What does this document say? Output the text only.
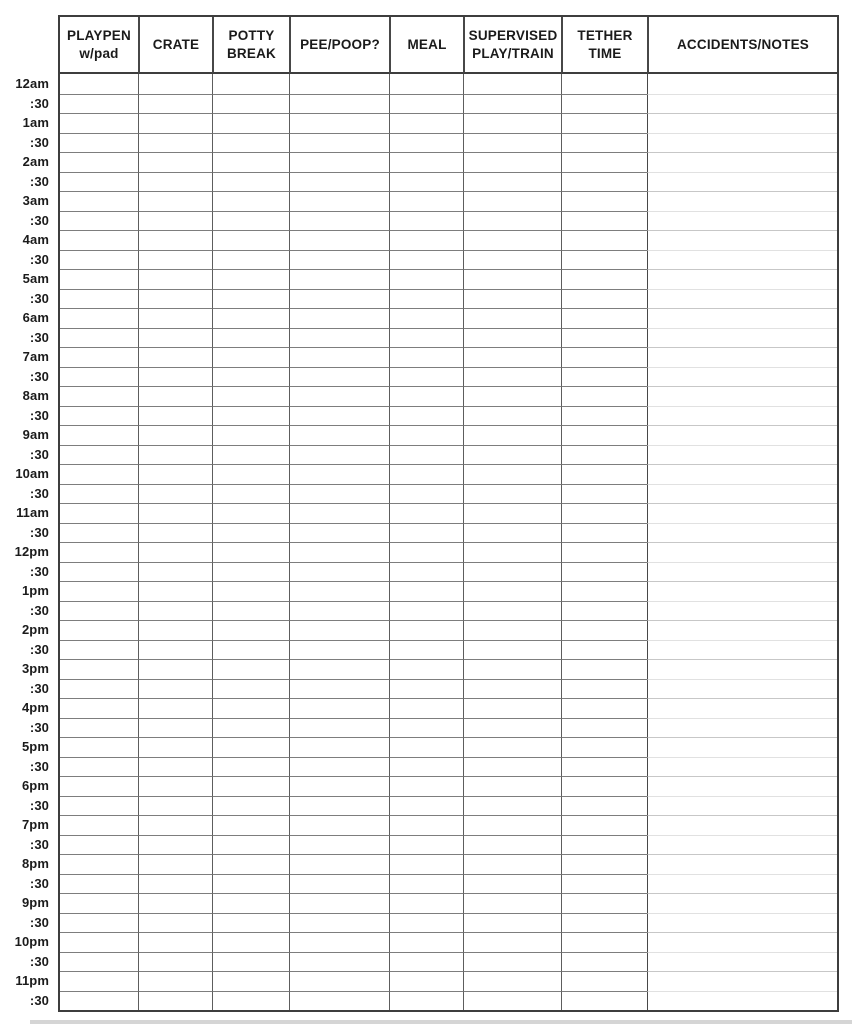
12am
:30
1am
:30
2am
:30
3am
:30
4am
:30
5am
:30
6am
:30
7am
:30
8am
:30
9am
:30
10am
:30
11am
:30
12pm
:30
1pm
:30
2pm
:30
3pm
:30
4pm
:30
5pm
:30
6pm
:30
7pm
:30
8pm
:30
9pm
:30
10pm
:30
11pm
:30
PLAYPEN
w/pad
CRATE
POTTY
BREAK
PEE/POOP? MEAL
SUPERVISED
PLAY/TRAIN
TETHER
TIME
ACCIDENTS/NOTES
